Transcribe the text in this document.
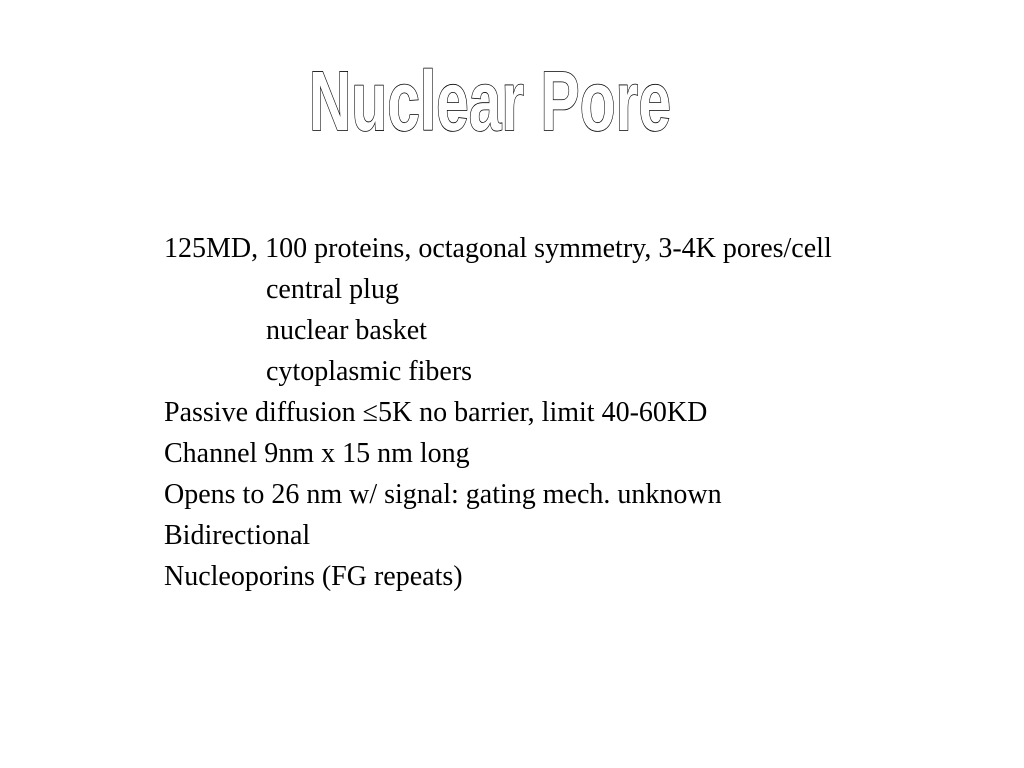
Nuclear Pore
125MD, 100 proteins, octagonal symmetry, 3-4K pores/cell
central plug
nuclear basket
cytoplasmic fibers
Passive diffusion ≤5K no barrier, limit 40-60KD
Channel 9nm x 15 nm long
Opens to 26 nm w/ signal: gating mech. unknown
Bidirectional
Nucleoporins (FG repeats)
